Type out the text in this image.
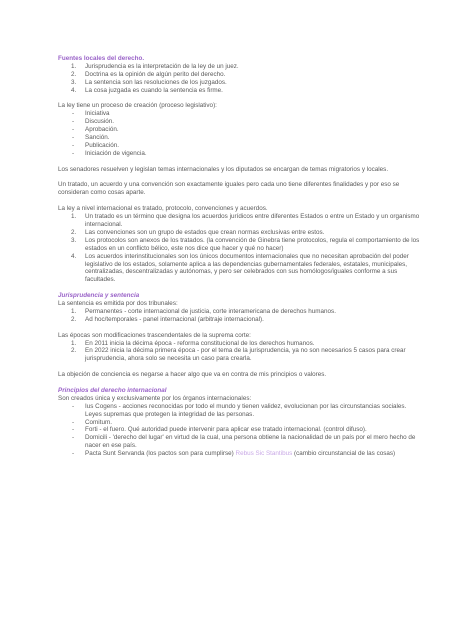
Fuentes locales del derecho.
1. Jurisprudencia es la interpretación de la ley de un juez.
2. Doctrina es la opinión de algún perito del derecho.
3. La sentencia son las resoluciones de los juzgados.
4. La cosa juzgada es cuando la sentencia es firme.

La ley tiene un proceso de creación (proceso legislativo):

- Iniciativa
- Discusión.
- Aprobación.
- Sanción.
- Publicación.
- Iniciación de vigencia.

Los senadores resuelven y legislan temas internacionales y los diputados se encargan de temas migratorios y locales.

Un tratado, un acuerdo y una convención son exactamente iguales pero cada uno tiene diferentes finalidades y por eso se consideran como cosas aparte.

La ley a nivel internacional es tratado, protocolo, convenciones y acuerdos.

1. Un tratado es un término que designa los acuerdos jurídicos entre diferentes Estados o entre un Estado y un organismo internacional.
2. Las convenciones son un grupo de estados que crean normas exclusivas entre estos.
3. Los protocolos son anexos de los tratados. (la convención de Ginebra tiene protocolos, regula el comportamiento de los estados en un conflicto bélico, este nos dice que hacer y qué no hacer)
4. Los acuerdos interinstitucionales son los únicos documentos internacionales que no necesitan aprobación del poder legislativo de los estados, solamente aplica a las dependencias gubernamentales federales, estatales, municipales, centralizadas, descentralizadas y autónomas, y pero ser celebrados con sus homólogos/iguales conforme a sus facultades.
Jurisprudencia y sentencia

La sentencia es emitida por dos tribunales:

1. Permanentes - corte internacional de justicia, corte interamericana de derechos humanos.
2. Ad hoc/temporales - panel internacional (arbitraje internacional).

Las épocas son modificaciones trascendentales de la suprema corte:

1. En 2011 inicia la décima época - reforma constitucional de los derechos humanos.
2. En 2022 inicia la décima primera época - por el tema de la jurisprudencia, ya no son necesarios 5 casos para crear jurisprudencia, ahora solo se necesita un caso para crearla.

La objeción de conciencia es negarse a hacer algo que va en contra de mis principios o valores.

Principios del derecho internacional

Son creados única y exclusivamente por los órganos internacionales:

- Ius Cogens - acciones reconocidas por todo el mundo y tienen validez, evolucionan por las circunstancias sociales. Leyes supremas que protegen la integridad de las personas.
- Comitum.
- Forti - el fuero. Qué autoridad puede intervenir para aplicar ese tratado internacional. (control difuso).
- Domicili - 'derecho del lugar' en virtud de la cual, una persona obtiene la nacionalidad de un país por el mero hecho de nacer en ese país.
- Pacta Sunt Servanda (los pactos son para cumplirse) Rebus Sic Stantibus (cambio circunstancial de las cosas)
